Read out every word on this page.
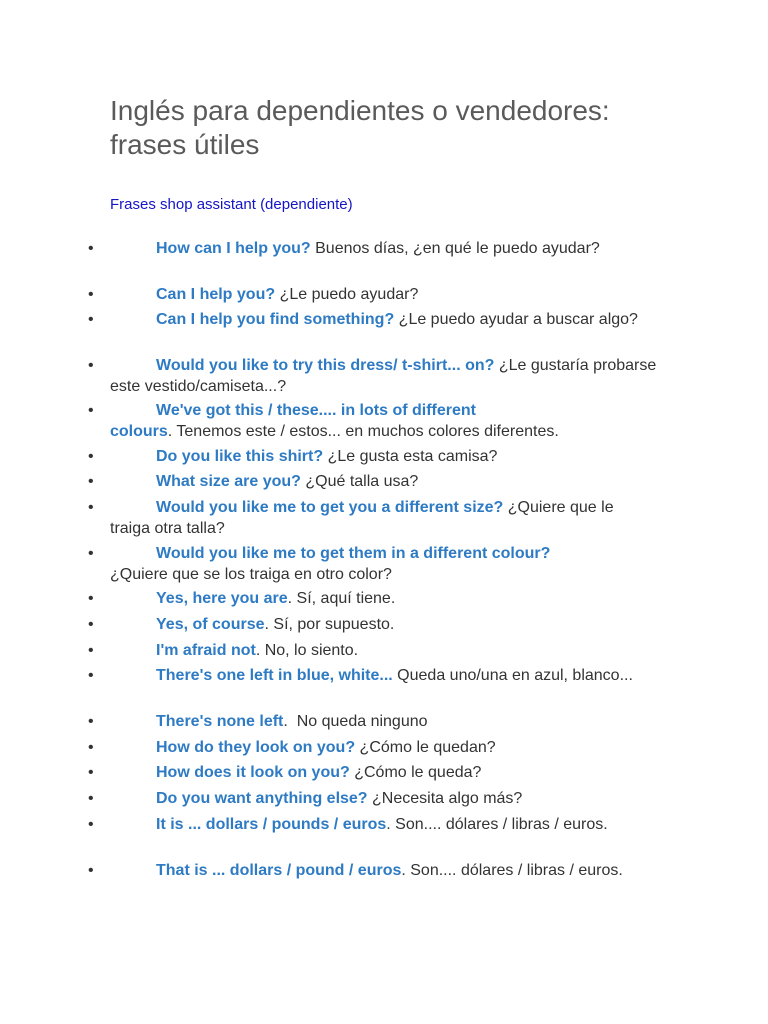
Inglés para dependientes o vendedores: frases útiles

Frases shop assistant (dependiente)

•	How can I help you? Buenos días, ¿en qué le puedo ayudar?
•	Can I help you? ¿Le puedo ayudar?
•	Can I help you find something? ¿Le puedo ayudar a buscar algo?
•	Would you like to try this dress/ t-shirt... on? ¿Le gustaría probarse este vestido/camiseta...?
•	We've got this / these.... in lots of different colours. Tenemos este / estos... en muchos colores diferentes.
•	Do you like this shirt? ¿Le gusta esta camisa?
•	What size are you? ¿Qué talla usa?
•	Would you like me to get you a different size? ¿Quiere que le traiga otra talla?
•	Would you like me to get them in a different colour? ¿Quiere que se los traiga en otro color?
•	Yes, here you are. Sí, aquí tiene.
•	Yes, of course. Sí, por supuesto.
•	I'm afraid not. No, lo siento.
•	There's one left in blue, white... Queda uno/una en azul, blanco...
•	There's none left.  No queda ninguno
•	How do they look on you? ¿Cómo le quedan?
•	How does it look on you? ¿Cómo le queda?
•	Do you want anything else? ¿Necesita algo más?
•	It is ... dollars / pounds / euros. Son.... dólares / libras / euros.
•	That is ... dollars / pound / euros. Son.... dólares / libras / euros.
